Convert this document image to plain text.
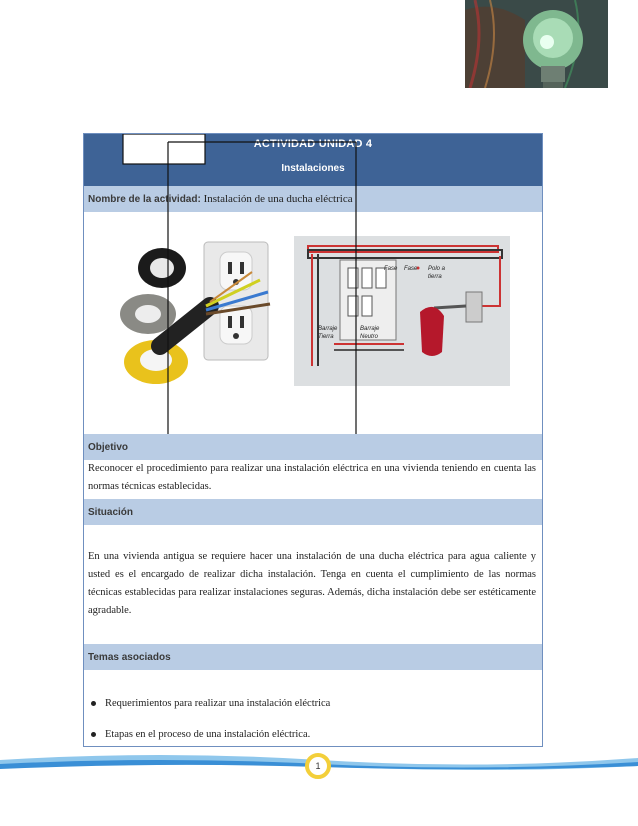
ACTIVIDAD UNIDAD 4
Instalaciones
Nombre de la actividad: Instalación de una ducha eléctrica
Fase Fase Polo a
tierra
Barraje
Tierra
Barraje
Neutro
Objetivo
Reconocer el procedimiento para realizar una instalación eléctrica en una vivienda teniendo en cuenta las normas técnicas establecidas.
Situación
En una vivienda antigua se requiere hacer una instalación de una ducha eléctrica para agua caliente y usted es el encargado de realizar dicha instalación. Tenga en cuenta el cumplimiento de las normas técnicas establecidas para realizar instalaciones seguras. Además, dicha instalación debe ser estéticamente agradable.
Temas asociados
Requerimientos para realizar una instalación eléctrica
Etapas en el proceso de una instalación eléctrica.
1
